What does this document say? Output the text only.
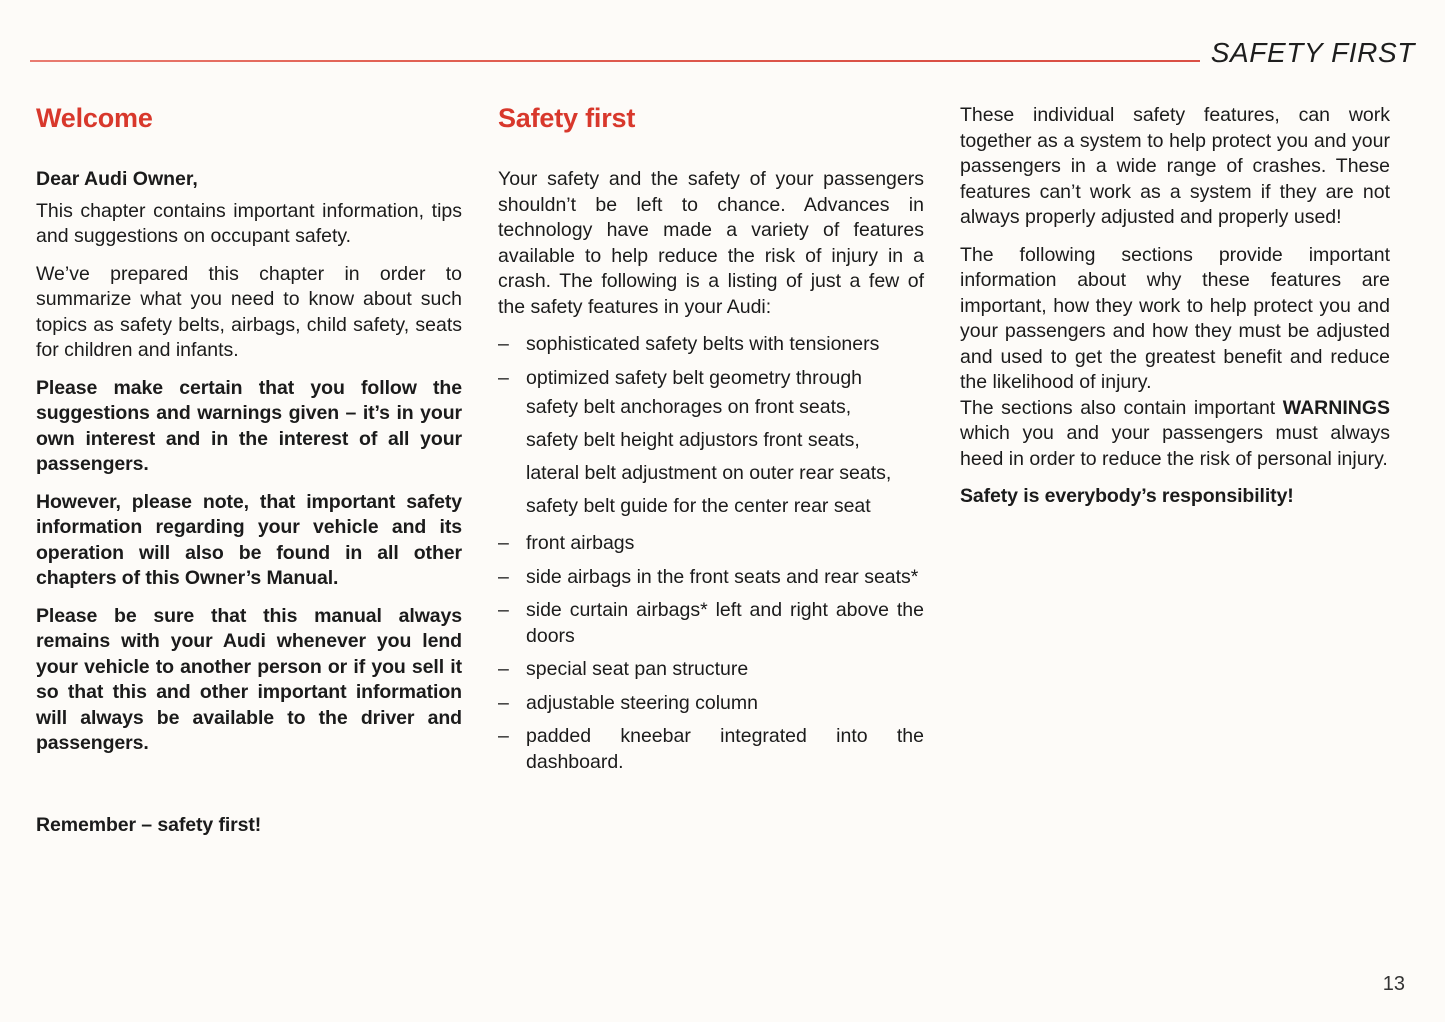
SAFETY FIRST
Welcome

Dear Audi Owner,

This chapter contains important information, tips and suggestions on occupant safety.

We’ve prepared this chapter in order to summarize what you need to know about such topics as safety belts, airbags, child safety, seats for children and infants.

Please make certain that you follow the suggestions and warnings given – it’s in your own interest and in the interest of all your passengers.

However, please note, that important safety information regarding your vehicle and its operation will also be found in all other chapters of this Owner’s Manual.

Please be sure that this manual always remains with your Audi whenever you lend your vehicle to another person or if you sell it so that this and other important information will always be available to the driver and passengers.

Remember – safety first!

Safety first

Your safety and the safety of your passengers shouldn’t be left to chance. Advances in technology have made a variety of features available to help reduce the risk of injury in a crash. The following is a listing of just a few of the safety features in your Audi:

– sophisticated safety belts with tensioners
– optimized safety belt geometry through
safety belt anchorages on front seats,
safety belt height adjustors front seats,
lateral belt adjustment on outer rear seats,
safety belt guide for the center rear seat
– front airbags
– side airbags in the front seats and rear seats*
– side curtain airbags* left and right above the doors
– special seat pan structure
– adjustable steering column
– padded kneebar integrated into the dashboard.

These individual safety features, can work together as a system to help protect you and your passengers in a wide range of crashes. These features can’t work as a system if they are not always properly adjusted and properly used!

The following sections provide important information about why these features are important, how they work to help protect you and your passengers and how they must be adjusted and used to get the greatest benefit and reduce the likelihood of injury.

The sections also contain important WARNINGS which you and your passengers must always heed in order to reduce the risk of personal injury.

Safety is everybody’s responsibility!

13
